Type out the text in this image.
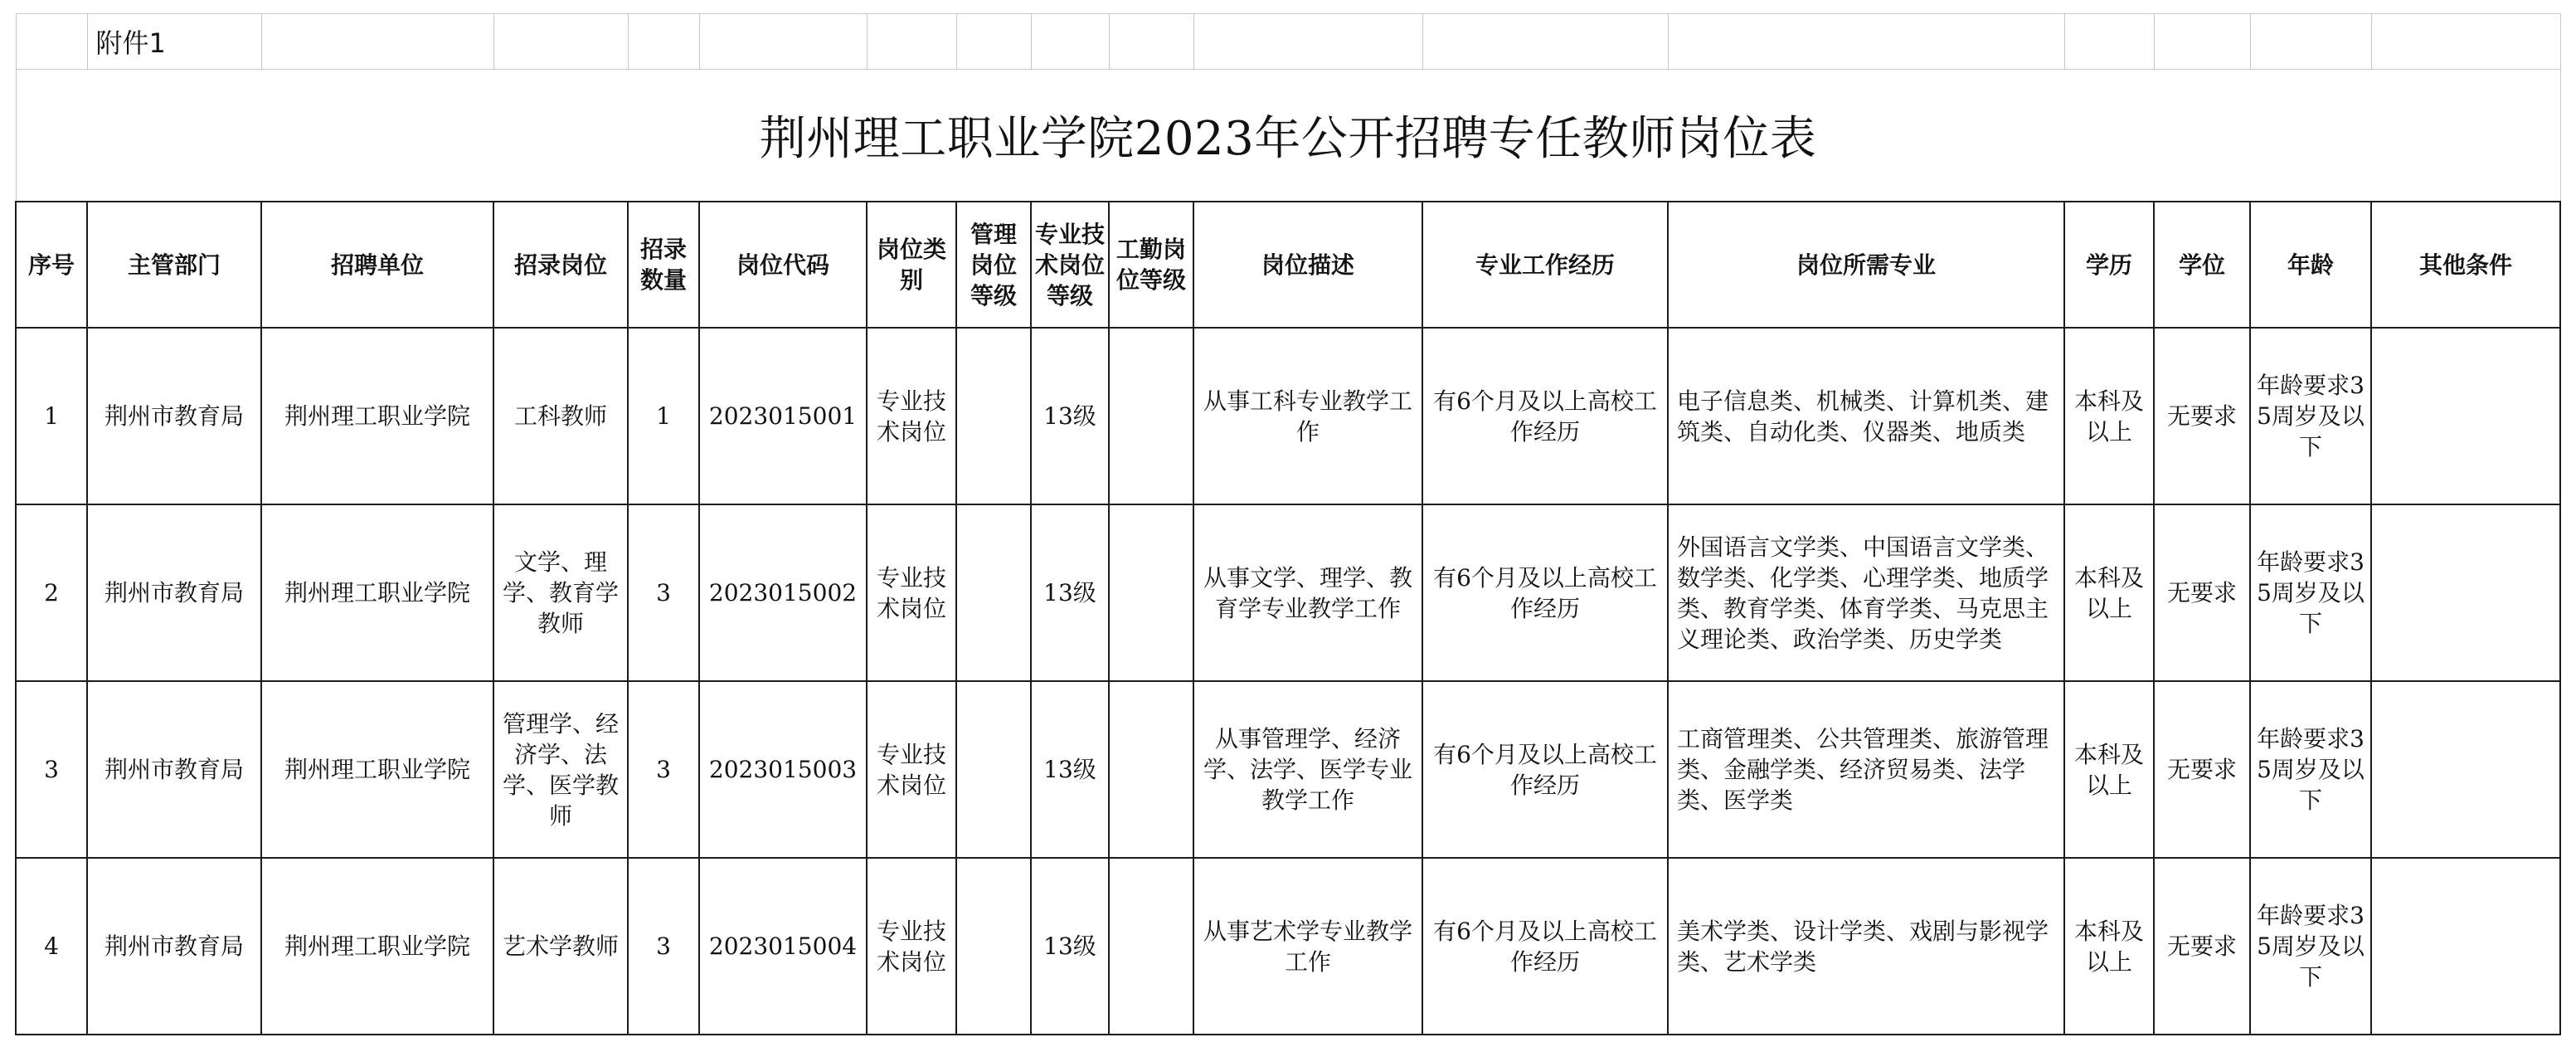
	附件1															
荆州理工职业学院2023年公开招聘专任教师岗位表																

序号	主管部门	招聘单位	招录岗位	招录数量	岗位代码	岗位类别	管理岗位等级	专业技术岗位等级	工勤岗位等级	岗位描述	专业工作经历	岗位所需专业	学历	学位	年龄	其他条件

1	荆州市教育局	荆州理工职业学院	工科教师	1	2023015001	专业技术岗位		13级		从事工科专业教学工作	有6个月及以上高校工作经历	电子信息类、机械类、计算机类、建筑类、自动化类、仪器类、地质类	本科及以上	无要求	年龄要求35周岁及以下	

2	荆州市教育局	荆州理工职业学院	文学、理学、教育学教师	3	2023015002	专业技术岗位		13级		从事文学、理学、教育学专业教学工作	有6个月及以上高校工作经历	外国语言文学类、中国语言文学类、数学类、化学类、心理学类、地质学类、教育学类、体育学类、马克思主义理论类、政治学类、历史学类	本科及以上	无要求	年龄要求35周岁及以下	

3	荆州市教育局	荆州理工职业学院	管理学、经济学、法学、医学教师	3	2023015003	专业技术岗位		13级		从事管理学、经济学、法学、医学专业教学工作	有6个月及以上高校工作经历	工商管理类、公共管理类、旅游管理类、金融学类、经济贸易类、法学类、医学类	本科及以上	无要求	年龄要求35周岁及以下	

4	荆州市教育局	荆州理工职业学院	艺术学教师	3	2023015004	专业技术岗位		13级		从事艺术学专业教学工作	有6个月及以上高校工作经历	美术学类、设计学类、戏剧与影视学类、艺术学类	本科及以上	无要求	年龄要求35周岁及以下	
